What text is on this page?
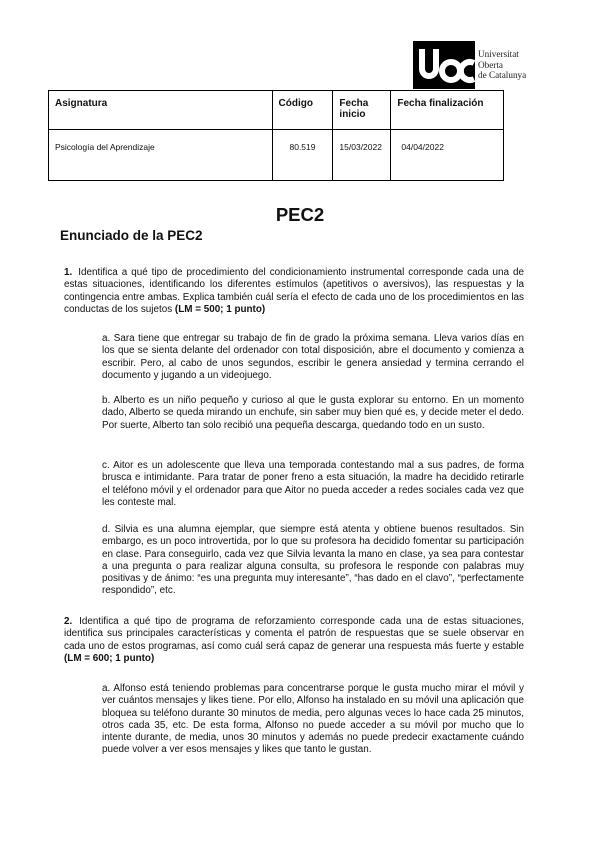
Universitat
Oberta
de Catalunya
Asignatura	Código	Fecha inicio	Fecha finalización
Psicología del Aprendizaje	80.519	15/03/2022	04/04/2022
PEC2
Enunciado de la PEC2
1. Identifica a qué tipo de procedimiento del condicionamiento instrumental corresponde cada una de estas situaciones, identificando los diferentes estímulos (apetitivos o aversivos), las respuestas y la contingencia entre ambas. Explica también cuál sería el efecto de cada uno de los procedimientos en las conductas de los sujetos (LM = 500; 1 punto)
a. Sara tiene que entregar su trabajo de fin de grado la próxima semana. Lleva varios días en los que se sienta delante del ordenador con total disposición, abre el documento y comienza a escribir. Pero, al cabo de unos segundos, escribir le genera ansiedad y termina cerrando el documento y jugando a un videojuego.
b. Alberto es un niño pequeño y curioso al que le gusta explorar su entorno. En un momento dado, Alberto se queda mirando un enchufe, sin saber muy bien qué es, y decide meter el dedo. Por suerte, Alberto tan solo recibió una pequeña descarga, quedando todo en un susto.
c. Aitor es un adolescente que lleva una temporada contestando mal a sus padres, de forma brusca e intimidante. Para tratar de poner freno a esta situación, la madre ha decidido retirarle el teléfono móvil y el ordenador para que Aitor no pueda acceder a redes sociales cada vez que les conteste mal.
d. Silvia es una alumna ejemplar, que siempre está atenta y obtiene buenos resultados. Sin embargo, es un poco introvertida, por lo que su profesora ha decidido fomentar su participación en clase. Para conseguirlo, cada vez que Silvia levanta la mano en clase, ya sea para contestar a una pregunta o para realizar alguna consulta, su profesora le responde con palabras muy positivas y de ánimo: “es una pregunta muy interesante”, “has dado en el clavo”, “perfectamente respondido”, etc.
2. Identifica a qué tipo de programa de reforzamiento corresponde cada una de estas situaciones, identifica sus principales características y comenta el patrón de respuestas que se suele observar en cada uno de estos programas, así como cuál será capaz de generar una respuesta más fuerte y estable (LM = 600; 1 punto)
a. Alfonso está teniendo problemas para concentrarse porque le gusta mucho mirar el móvil y ver cuántos mensajes y likes tiene. Por ello, Alfonso ha instalado en su móvil una aplicación que bloquea su teléfono durante 30 minutos de media, pero algunas veces lo hace cada 25 minutos, otros cada 35, etc. De esta forma, Alfonso no puede acceder a su móvil por mucho que lo intente durante, de media, unos 30 minutos y además no puede predecir exactamente cuándo puede volver a ver esos mensajes y likes que tanto le gustan.
